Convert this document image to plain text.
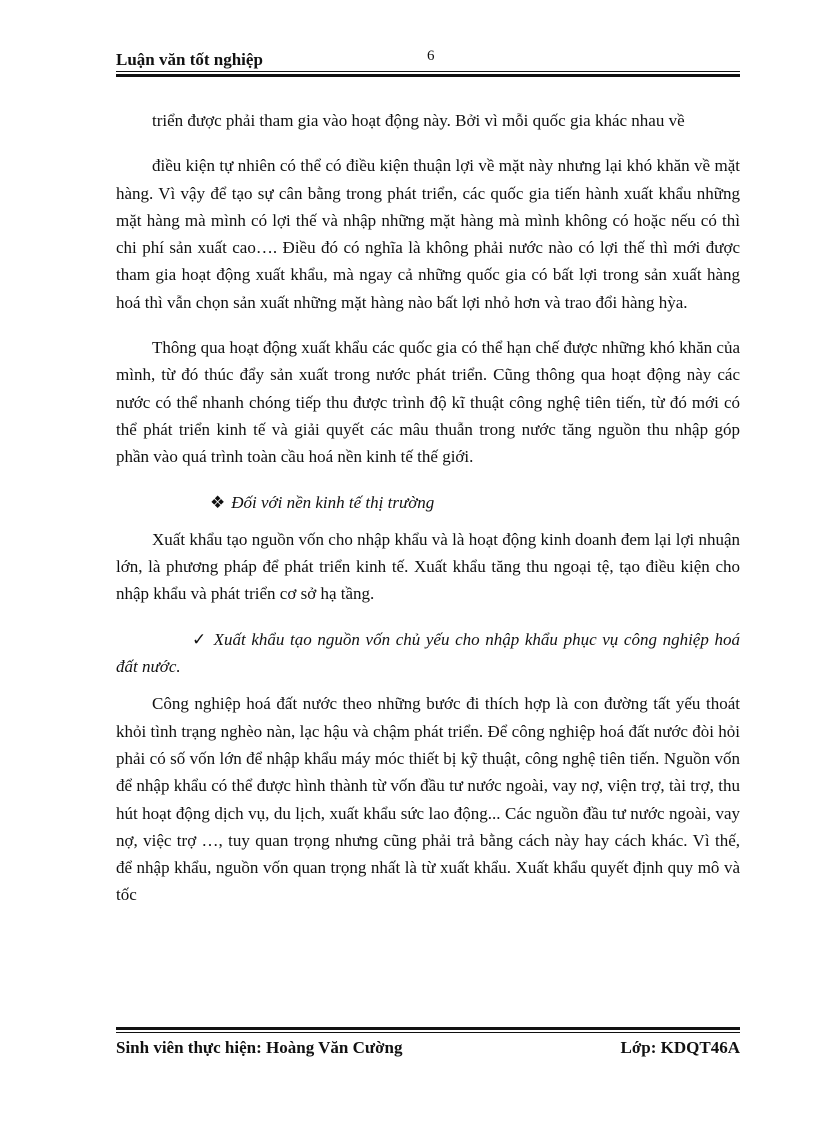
Luận văn tốt nghiệp	6

triển được phải tham gia vào hoạt động này. Bởi vì mỗi quốc gia khác nhau về

điều kiện tự nhiên có thể có điều kiện thuận lợi về mặt này nhưng lại khó khăn về mặt hàng. Vì vậy để tạo sự cân bằng trong phát triển, các quốc gia tiến hành xuất khẩu những mặt hàng mà mình có lợi thế và nhập những mặt hàng mà mình không có hoặc nếu có thì chi phí sản xuất cao…. Điều đó có nghĩa là không phải nước nào có lợi thế thì mới được tham gia hoạt động xuất khẩu, mà ngay cả những quốc gia có bất lợi trong sản xuất hàng hoá thì vẫn chọn sản xuất những mặt hàng nào bất lợi nhỏ hơn và trao đổi hàng hỳa.

Thông qua hoạt động xuất khẩu các quốc gia có thể hạn chế được những khó khăn của mình, từ đó thúc đẩy sản xuất trong nước phát triển. Cũng thông qua hoạt động này các nước có thể nhanh chóng tiếp thu được trình độ kĩ thuật công nghệ tiên tiến, từ đó mới có thể phát triển kinh tế và giải quyết các mâu thuẫn trong nước tăng nguồn thu nhập góp phần vào quá trình toàn cầu hoá nền kinh tế thế giới.

❖ Đối với nền kinh tế thị trường

Xuất khẩu tạo nguồn vốn cho nhập khẩu và là hoạt động kinh doanh đem lại lợi nhuận lớn, là phương pháp để phát triển kinh tế. Xuất khẩu tăng thu ngoại tệ, tạo điều kiện cho nhập khẩu và phát triển cơ sở hạ tầng.

✓ Xuất khẩu tạo nguồn vốn chủ yếu cho nhập khẩu phục vụ công nghiệp hoá đất nước.

Công nghiệp hoá đất nước theo những bước đi thích hợp là con đường tất yếu thoát khỏi tình trạng nghèo nàn, lạc hậu và chậm phát triển. Để công nghiệp hoá đất nước đòi hỏi phải có số vốn lớn để nhập khẩu máy móc thiết bị kỹ thuật, công nghệ tiên tiến. Nguồn vốn để nhập khẩu có thể được hình thành từ vốn đầu tư nước ngoài, vay nợ, viện trợ, tài trợ, thu hút hoạt động dịch vụ, du lịch, xuất khẩu sức lao động... Các nguồn đầu tư nước ngoài, vay nợ, việc trợ …, tuy quan trọng nhưng cũng phải trả bằng cách này hay cách khác. Vì thế, để nhập khẩu, nguồn vốn quan trọng nhất là từ xuất khẩu. Xuất khẩu quyết định quy mô và tốc

Sinh viên thực hiện: Hoàng Văn Cường	Lớp: KDQT46A
